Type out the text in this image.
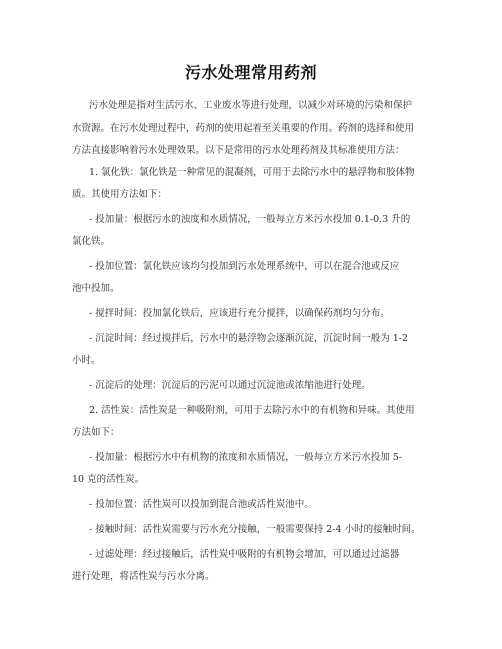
污水处理常用药剂
污水处理是指对生活污水、工业废水等进行处理，以减少对环境的污染和保护
水资源。在污水处理过程中，药剂的使用起着至关重要的作用。药剂的选择和使用
方法直接影响着污水处理效果。以下是常用的污水处理药剂及其标准使用方法：
1. 氯化铁：氯化铁是一种常见的混凝剂，可用于去除污水中的悬浮物和胶体物
质。其使用方法如下：
- 投加量：根据污水的浊度和水质情况，一般每立方米污水投加 0.1-0.3 升的
氯化铁。
- 投加位置：氯化铁应该均匀投加到污水处理系统中，可以在混合池或反应
池中投加。
- 搅拌时间：投加氯化铁后，应该进行充分搅拌，以确保药剂均匀分布。
- 沉淀时间：经过搅拌后，污水中的悬浮物会逐渐沉淀，沉淀时间一般为 1-2
小时。
- 沉淀后的处理：沉淀后的污泥可以通过沉淀池或浓缩池进行处理。
2. 活性炭：活性炭是一种吸附剂，可用于去除污水中的有机物和异味。其使用
方法如下：
- 投加量：根据污水中有机物的浓度和水质情况，一般每立方米污水投加 5-
10 克的活性炭。
- 投加位置：活性炭可以投加到混合池或活性炭池中。
- 接触时间：活性炭需要与污水充分接触，一般需要保持 2-4 小时的接触时间。
- 过滤处理：经过接触后，活性炭中吸附的有机物会增加，可以通过过滤器
进行处理，将活性炭与污水分离。
